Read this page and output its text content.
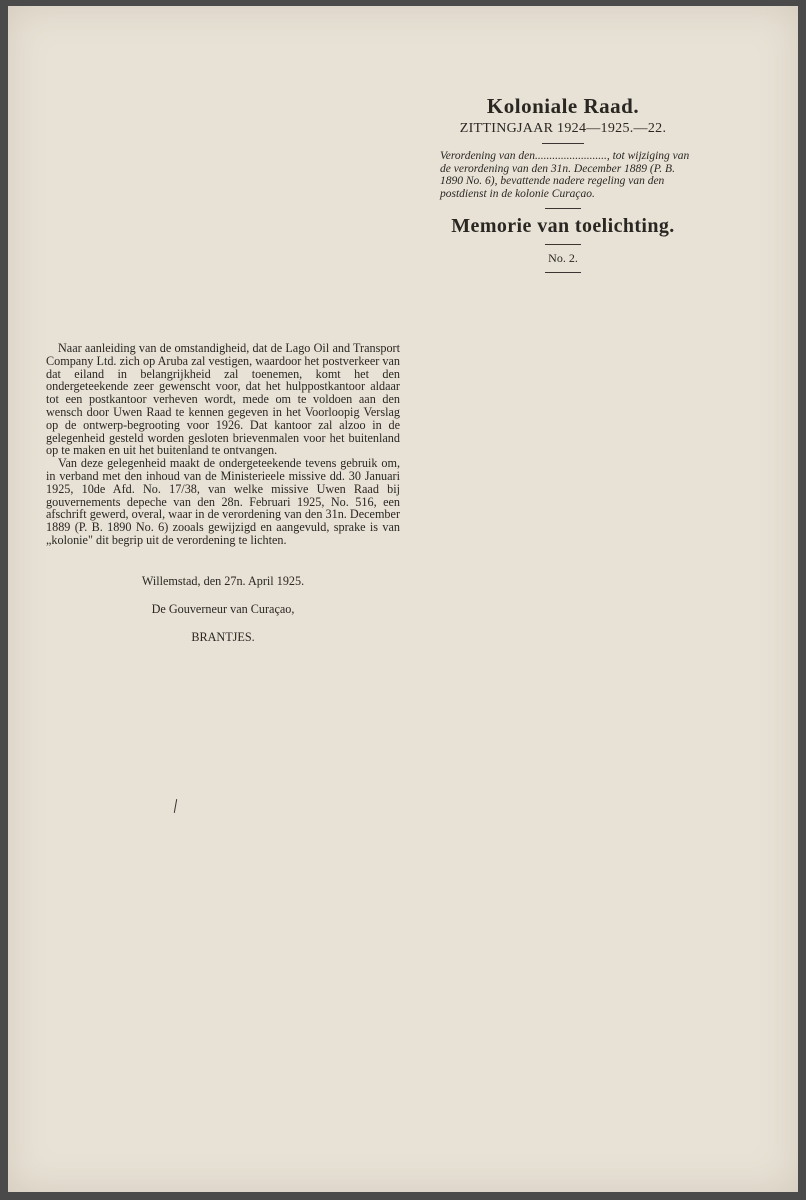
Koloniale Raad.
ZITTINGJAAR 1924—1925.—22.
Verordening van den........................., tot wijziging van de verordening van den 31n. December 1889 (P. B. 1890 No. 6), bevattende nadere regeling van den postdienst in de kolonie Curaçao.
Memorie van toelichting.
No. 2.

Naar aanleiding van de omstandigheid, dat de Lago Oil and Transport Company Ltd. zich op Aruba zal vestigen, waardoor het postverkeer van dat eiland in belangrijkheid zal toenemen, komt het den ondergeteekende zeer gewenscht voor, dat het hulppostkantoor aldaar tot een postkantoor verheven wordt, mede om te voldoen aan den wensch door Uwen Raad te kennen gegeven in het Voorloopig Verslag op de ontwerp-begrooting voor 1926. Dat kantoor zal alzoo in de gelegenheid gesteld worden gesloten brievenmalen voor het buitenland op te maken en uit het buitenland te ontvangen.

Van deze gelegenheid maakt de ondergeteekende tevens gebruik om, in verband met den inhoud van de Ministerieele missive dd. 30 Januari 1925, 10de Afd. No. 17/38, van welke missive Uwen Raad bij gouvernements depeche van den 28n. Februari 1925, No. 516, een afschrift gewerd, overal, waar in de verordening van den 31n. December 1889 (P. B. 1890 No. 6) zooals gewijzigd en aangevuld, sprake is van „kolonie" dit begrip uit de verordening te lichten.

Willemstad, den 27n. April 1925.
De Gouverneur van Curaçao,
BRANTJES.
